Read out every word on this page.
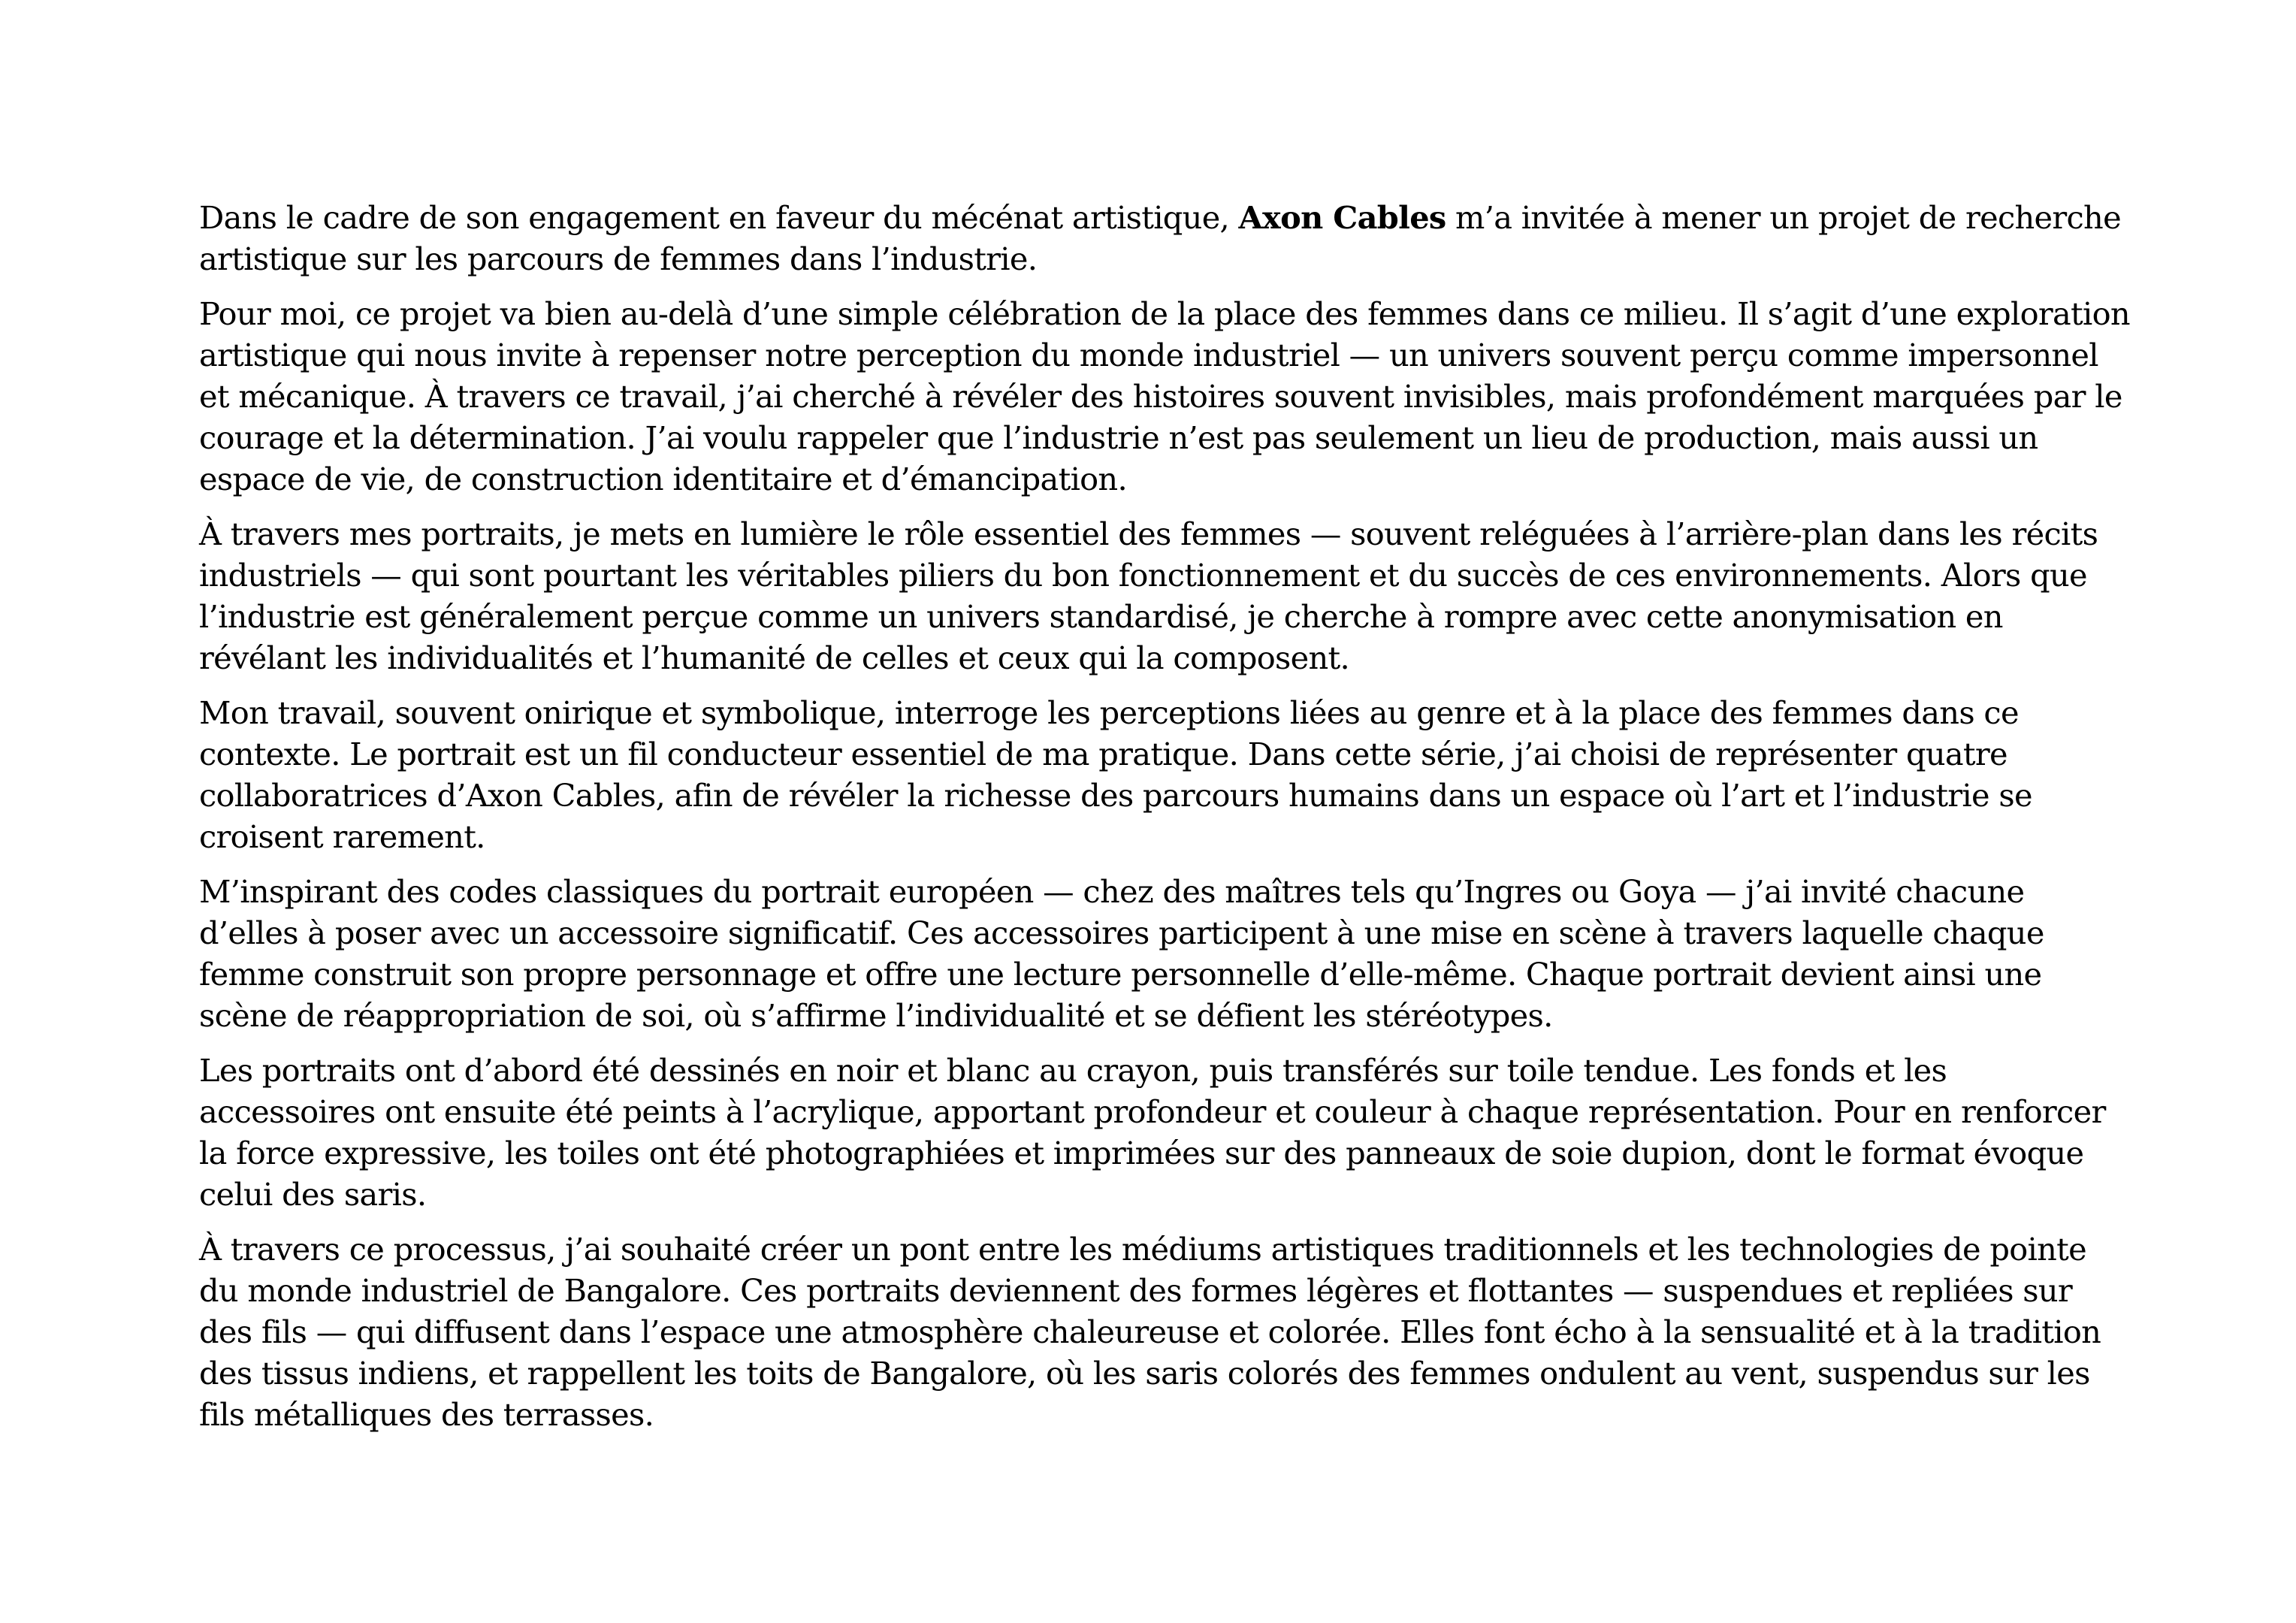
Dans le cadre de son engagement en faveur du mécénat artistique, Axon Cables m’a invitée à mener un projet de recherche artistique sur les parcours de femmes dans l’industrie.

Pour moi, ce projet va bien au-delà d’une simple célébration de la place des femmes dans ce milieu. Il s’agit d’une exploration artistique qui nous invite à repenser notre perception du monde industriel — un univers souvent perçu comme impersonnel et mécanique. À travers ce travail, j’ai cherché à révéler des histoires souvent invisibles, mais profondément marquées par le courage et la détermination. J’ai voulu rappeler que l’industrie n’est pas seulement un lieu de production, mais aussi un espace de vie, de construction identitaire et d’émancipation.

À travers mes portraits, je mets en lumière le rôle essentiel des femmes — souvent reléguées à l’arrière-plan dans les récits industriels — qui sont pourtant les véritables piliers du bon fonctionnement et du succès de ces environnements. Alors que l’industrie est généralement perçue comme un univers standardisé, je cherche à rompre avec cette anonymisation en révélant les individualités et l’humanité de celles et ceux qui la composent.

Mon travail, souvent onirique et symbolique, interroge les perceptions liées au genre et à la place des femmes dans ce contexte. Le portrait est un fil conducteur essentiel de ma pratique. Dans cette série, j’ai choisi de représenter quatre collaboratrices d’Axon Cables, afin de révéler la richesse des parcours humains dans un espace où l’art et l’industrie se croisent rarement.

M’inspirant des codes classiques du portrait européen — chez des maîtres tels qu’Ingres ou Goya — j’ai invité chacune d’elles à poser avec un accessoire significatif. Ces accessoires participent à une mise en scène à travers laquelle chaque femme construit son propre personnage et offre une lecture personnelle d’elle-même. Chaque portrait devient ainsi une scène de réappropriation de soi, où s’affirme l’individualité et se défient les stéréotypes.

Les portraits ont d’abord été dessinés en noir et blanc au crayon, puis transférés sur toile tendue. Les fonds et les accessoires ont ensuite été peints à l’acrylique, apportant profondeur et couleur à chaque représentation. Pour en renforcer la force expressive, les toiles ont été photographiées et imprimées sur des panneaux de soie dupion, dont le format évoque celui des saris.

À travers ce processus, j’ai souhaité créer un pont entre les médiums artistiques traditionnels et les technologies de pointe du monde industriel de Bangalore. Ces portraits deviennent des formes légères et flottantes — suspendues et repliées sur des fils — qui diffusent dans l’espace une atmosphère chaleureuse et colorée. Elles font écho à la sensualité et à la tradition des tissus indiens, et rappellent les toits de Bangalore, où les saris colorés des femmes ondulent au vent, suspendus sur les fils métalliques des terrasses.
